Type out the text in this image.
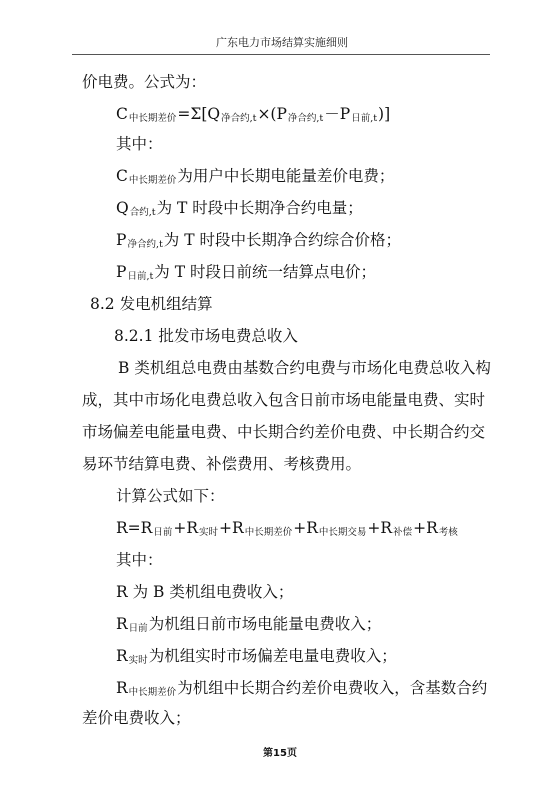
广东电力市场结算实施细则
价电费。公式为：
$C_{中长期差价}=\Sigma[Q_{净合约,t}\times(P_{净合约,t}-P_{日前,t})]$
其中：
$C_{中长期差价}$为用户中长期电能量差价电费；
$Q_{合约,t}$为 T 时段中长期净合约电量；
$P_{净合约,t}$为 T 时段中长期净合约综合价格；
$P_{日前,t}$为 T 时段日前统一结算点电价；
8.2 发电机组结算
8.2.1 批发市场电费总收入
B 类机组总电费由基数合约电费与市场化电费总收入构
成，其中市场化电费总收入包含日前市场电能量电费、实时
市场偏差电能量电费、中长期合约差价电费、中长期合约交
易环节结算电费、补偿费用、考核费用。
计算公式如下：
$R=R_{日前}+R_{实时}+R_{中长期差价}+R_{中长期交易}+R_{补偿}+R_{考核}$
其中：
R 为 B 类机组电费收入；
$R_{日前}$为机组日前市场电能量电费收入；
$R_{实时}$为机组实时市场偏差电量电费收入；
$R_{中长期差价}$为机组中长期合约差价电费收入，含基数合约
差价电费收入；
第15页
